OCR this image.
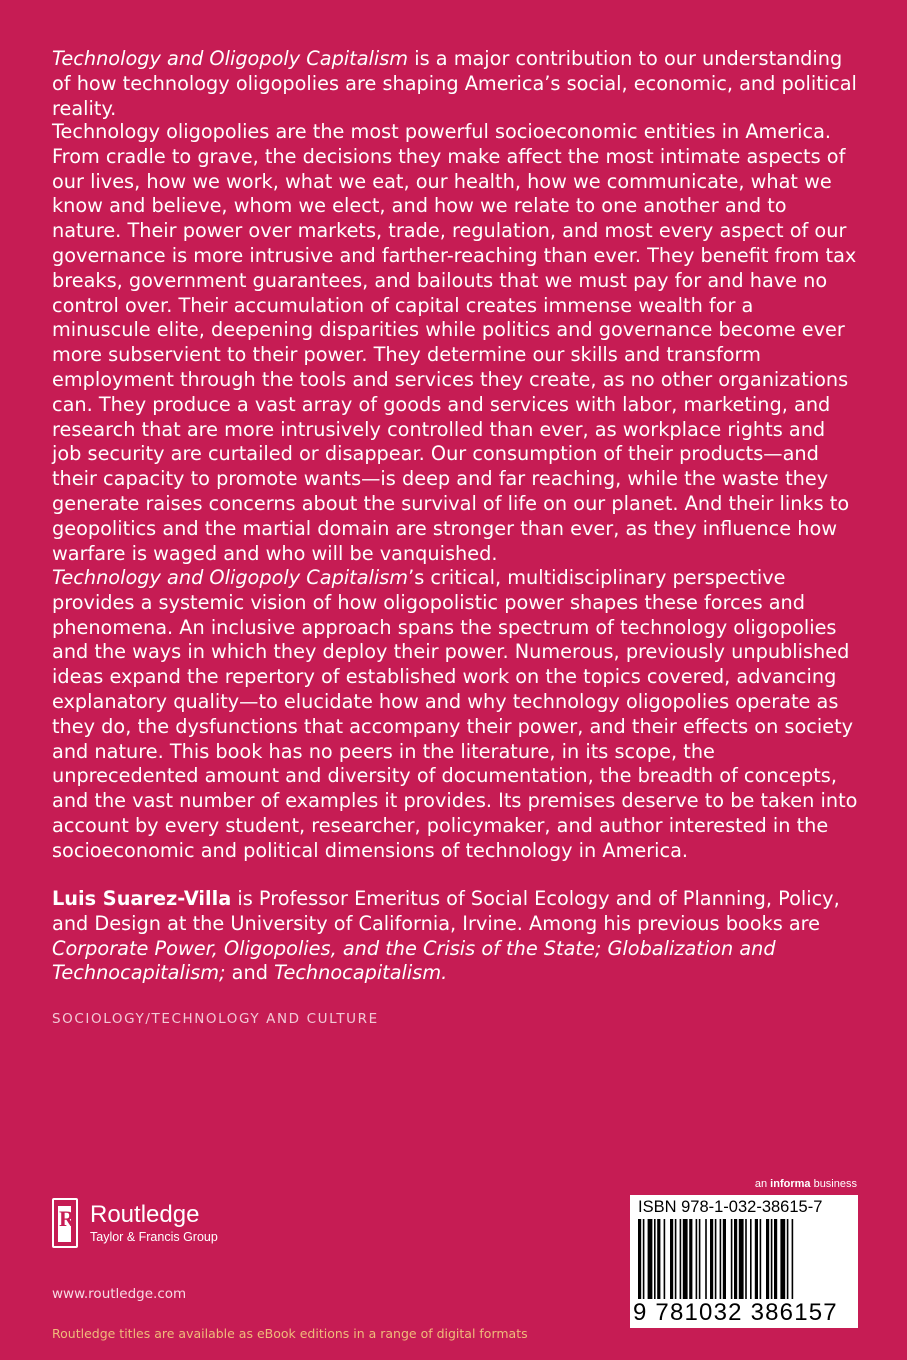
Technology and Oligopoly Capitalism is a major contribution to our understanding of how technology oligopolies are shaping America’s social, economic, and political reality.

Technology oligopolies are the most powerful socioeconomic entities in America. From cradle to grave, the decisions they make affect the most intimate aspects of our lives, how we work, what we eat, our health, how we communicate, what we know and believe, whom we elect, and how we relate to one another and to nature. Their power over markets, trade, regulation, and most every aspect of our governance is more intrusive and farther-reaching than ever. They benefit from tax breaks, government guarantees, and bailouts that we must pay for and have no control over. Their accumulation of capital creates immense wealth for a minuscule elite, deepening disparities while politics and governance become ever more subservient to their power. They determine our skills and transform employment through the tools and services they create, as no other organizations can. They produce a vast array of goods and services with labor, marketing, and research that are more intrusively controlled than ever, as workplace rights and job security are curtailed or disappear. Our consumption of their products—and their capacity to promote wants—is deep and far reaching, while the waste they generate raises concerns about the survival of life on our planet. And their links to geopolitics and the martial domain are stronger than ever, as they influence how warfare is waged and who will be vanquished.

Technology and Oligopoly Capitalism’s critical, multidisciplinary perspective provides a systemic vision of how oligopolistic power shapes these forces and phenomena. An inclusive approach spans the spectrum of technology oligopolies and the ways in which they deploy their power. Numerous, previously unpublished ideas expand the repertory of established work on the topics covered, advancing explanatory quality—to elucidate how and why technology oligopolies operate as they do, the dysfunctions that accompany their power, and their effects on society and nature. This book has no peers in the literature, in its scope, the unprecedented amount and diversity of documentation, the breadth of concepts, and the vast number of examples it provides. Its premises deserve to be taken into account by every student, researcher, policymaker, and author interested in the socioeconomic and political dimensions of technology in America.

Luis Suarez-Villa is Professor Emeritus of Social Ecology and of Planning, Policy, and Design at the University of California, Irvine. Among his previous books are Corporate Power, Oligopolies, and the Crisis of the State; Globalization and Technocapitalism; and Technocapitalism.

SOCIOLOGY/TECHNOLOGY AND CULTURE
R Routledge
Taylor & Francis Group
www.routledge.com
Routledge titles are available as eBook editions in a range of digital formats
an informa business
ISBN 978-1-032-38615-7
9 781032 386157
